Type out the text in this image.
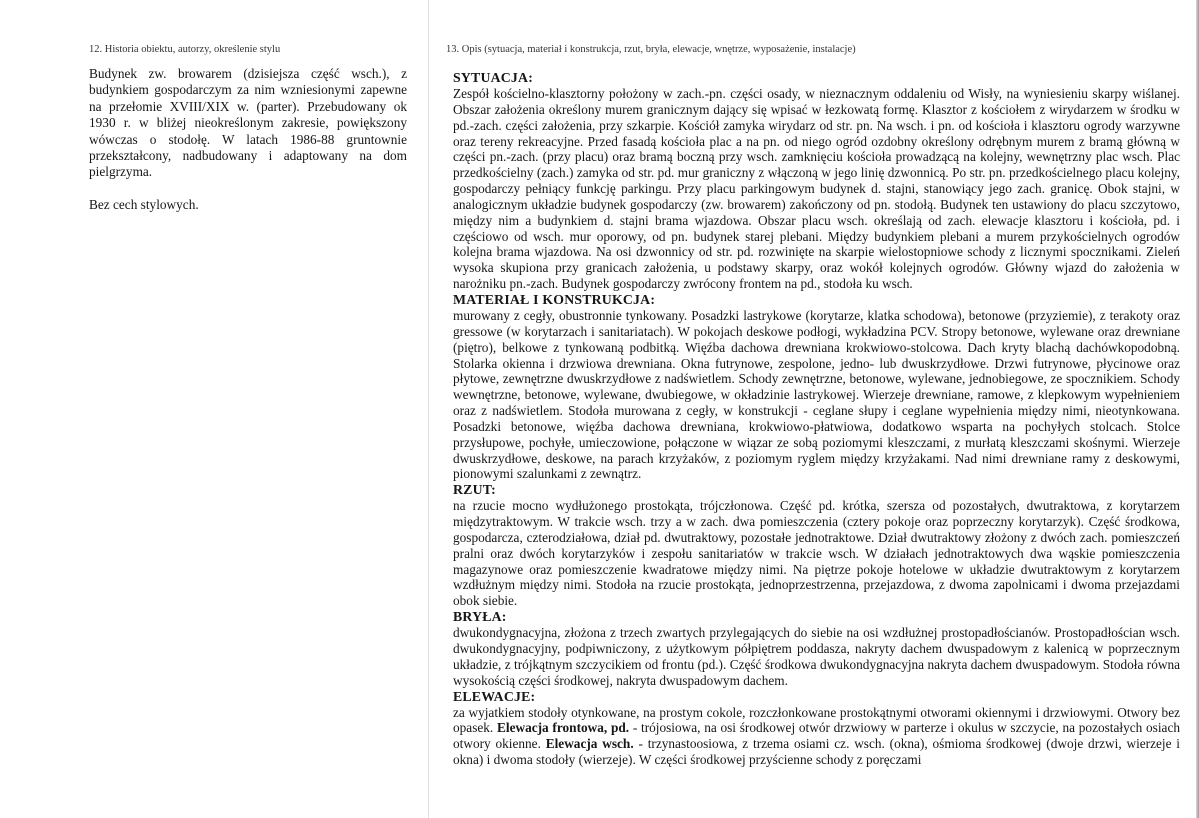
12. Historia obiektu, autorzy, określenie stylu	13. Opis (sytuacja, materiał i konstrukcja, rzut, bryła, elewacje, wnętrze, wyposażenie, instalacje)

Budynek zw. browarem (dzisiejsza część wsch.), z budynkiem gospodarczym za nim wzniesionymi zapewne na przełomie XVIII/XIX w. (parter). Przebudowany ok 1930 r. w bliżej nieokreślonym zakresie, powiększony wówczas o stodołę. W latach 1986-88 gruntownie przekształcony, nadbudowany i adaptowany na dom pielgrzyma.

Bez cech stylowych.

SYTUACJA:

Zespół kościelno-klasztorny położony w zach.-pn. części osady, w nieznacznym oddaleniu od Wisły, na wyniesieniu skarpy wiślanej. Obszar założenia określony murem granicznym dający się wpisać w łezkowatą formę. Klasztor z kościołem z wirydarzem w środku w pd.-zach. części założenia, przy szkarpie. Kościół zamyka wirydarz od str. pn. Na wsch. i pn. od kościoła i klasztoru ogrody warzywne oraz tereny rekreacyjne. Przed fasadą kościoła plac a na pn. od niego ogród ozdobny określony odrębnym murem z bramą główną w części pn.-zach. (przy placu) oraz bramą boczną przy wsch. zamknięciu kościoła prowadzącą na kolejny, wewnętrzny plac wsch. Plac przedkościelny (zach.) zamyka od str. pd. mur graniczny z włączoną w jego linię dzwonnicą. Po str. pn. przedkościelnego placu kolejny, gospodarczy pełniący funkcję parkingu. Przy placu parkingowym budynek d. stajni, stanowiący jego zach. granicę. Obok stajni, w analogicznym układzie budynek gospodarczy (zw. browarem) zakończony od pn. stodołą. Budynek ten ustawiony do placu szczytowo, między nim a budynkiem d. stajni brama wjazdowa. Obszar placu wsch. określają od zach. elewacje klasztoru i kościoła, pd. i częściowo od wsch. mur oporowy, od pn. budynek starej plebani. Między budynkiem plebani a murem przykościelnych ogrodów kolejna brama wjazdowa. Na osi dzwonnicy od str. pd. rozwinięte na skarpie wielostopniowe schody z licznymi spocznikami. Zieleń wysoka skupiona przy granicach założenia, u podstawy skarpy, oraz wokół kolejnych ogrodów. Główny wjazd do założenia w narożniku pn.-zach. Budynek gospodarczy zwrócony frontem na pd., stodoła ku wsch.

MATERIAŁ I KONSTRUKCJA:

murowany z cegły, obustronnie tynkowany. Posadzki lastrykowe (korytarze, klatka schodowa), betonowe (przyziemie), z terakoty oraz gressowe (w korytarzach i sanitariatach). W pokojach deskowe podłogi, wykładzina PCV. Stropy betonowe, wylewane oraz drewniane (piętro), belkowe z tynkowaną podbitką. Więźba dachowa drewniana krokwiowo-stolcowa. Dach kryty blachą dachówkopodobną. Stolarka okienna i drzwiowa drewniana. Okna futrynowe, zespolone, jedno- lub dwuskrzydłowe. Drzwi futrynowe, płycinowe oraz płytowe, zewnętrzne dwuskrzydłowe z nadświetlem. Schody zewnętrzne, betonowe, wylewane, jednobiegowe, ze spocznikiem. Schody wewnętrzne, betonowe, wylewane, dwubiegowe, w okładzinie lastrykowej. Wierzeje drewniane, ramowe, z klepkowym wypełnieniem oraz z nadświetlem. Stodoła murowana z cegły, w konstrukcji - ceglane słupy i ceglane wypełnienia między nimi, nieotynkowana. Posadzki betonowe, więźba dachowa drewniana, krokwiowo-płatwiowa, dodatkowo wsparta na pochyłych stolcach. Stolce przysłupowe, pochyłe, umieczowione, połączone w wiązar ze sobą poziomymi kleszczami, z murłatą kleszczami skośnymi. Wierzeje dwuskrzydłowe, deskowe, na parach krzyżaków, z poziomym ryglem między krzyżakami. Nad nimi drewniane ramy z deskowymi, pionowymi szalunkami z zewnątrz.

RZUT:

na rzucie mocno wydłużonego prostokąta, trójczłonowa. Część pd. krótka, szersza od pozostałych, dwutraktowa, z korytarzem międzytraktowym. W trakcie wsch. trzy a w zach. dwa pomieszczenia (cztery pokoje oraz poprzeczny korytarzyk). Część środkowa, gospodarcza, czterodziałowa, dział pd. dwutraktowy, pozostałe jednotraktowe. Dział dwutraktowy złożony z dwóch zach. pomieszczeń pralni oraz dwóch korytarzyków i zespołu sanitariatów w trakcie wsch. W działach jednotraktowych dwa wąskie pomieszczenia magazynowe oraz pomieszczenie kwadratowe między nimi. Na piętrze pokoje hotelowe w układzie dwutraktowym z korytarzem wzdłużnym między nimi. Stodoła na rzucie prostokąta, jednoprzestrzenna, przejazdowa, z dwoma zapolnicami i dwoma przejazdami obok siebie.

BRYŁA:

dwukondygnacyjna, złożona z trzech zwartych przylegających do siebie na osi wzdłużnej prostopadłościanów. Prostopadłościan wsch. dwukondygnacyjny, podpiwniczony, z użytkowym półpiętrem poddasza, nakryty dachem dwuspadowym z kalenicą w poprzecznym układzie, z trójkątnym szczycikiem od frontu (pd.). Część środkowa dwukondygnacyjna nakryta dachem dwuspadowym. Stodoła równa wysokością części środkowej, nakryta dwuspadowym dachem.

ELEWACJE:

za wyjatkiem stodoły otynkowane, na prostym cokole, rozczłonkowane prostokątnymi otworami okiennymi i drzwiowymi. Otwory bez opasek. Elewacja frontowa, pd. - trójosiowa, na osi środkowej otwór drzwiowy w parterze i okulus w szczycie, na pozostałych osiach otwory okienne. Elewacja wsch. - trzynastoosiowa, z trzema osiami cz. wsch. (okna), ośmioma środkowej (dwoje drzwi, wierzeje i okna) i dwoma stodoły (wierzeje). W części środkowej przyścienne schody z poręczami
